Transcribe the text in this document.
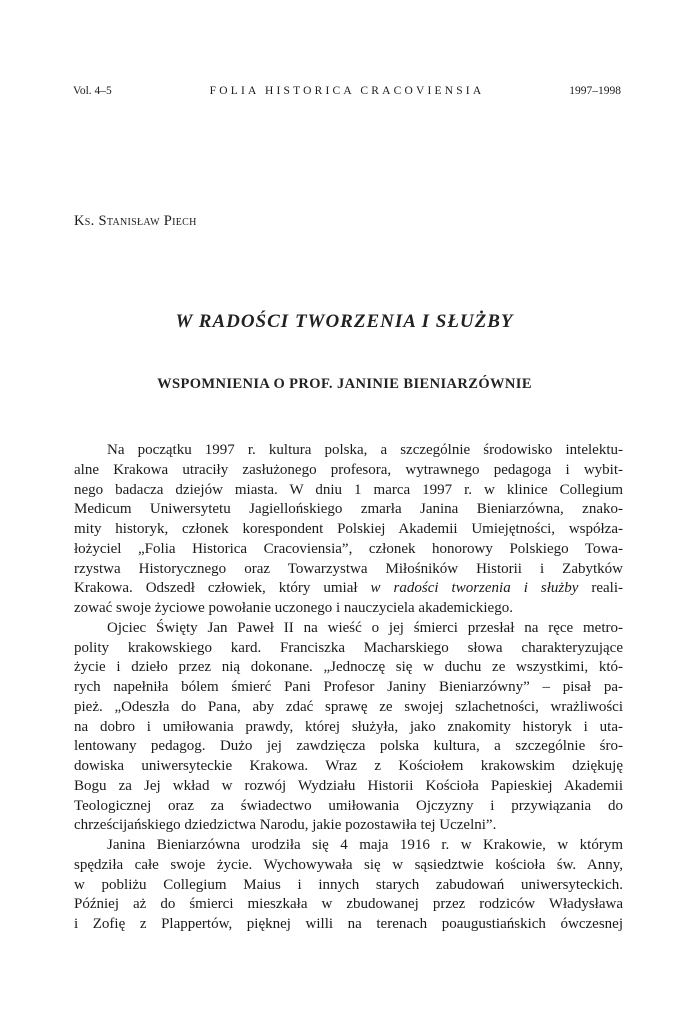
Vol. 4–5	FOLIA HISTORICA CRACOVIENSIA	1997–1998
Ks. Stanisław Piech
W RADOŚCI TWORZENIA I SŁUŻBY
WSPOMNIENIA O PROF. JANINIE BIENIARZÓWNIE
Na początku 1997 r. kultura polska, a szczególnie środowisko intelektu-
alne Krakowa utraciły zasłużonego profesora, wytrawnego pedagoga i wybit-
nego badacza dziejów miasta. W dniu 1 marca 1997 r. w klinice Collegium
Medicum Uniwersytetu Jagiellońskiego zmarła Janina Bieniarzówna, znako-
mity historyk, członek korespondent Polskiej Akademii Umiejętności, współza-
łożyciel „Folia Historica Cracoviensia”, członek honorowy Polskiego Towa-
rzystwa Historycznego oraz Towarzystwa Miłośników Historii i Zabytków
Krakowa. Odszedł człowiek, który umiał w radości tworzenia i służby reali-
zować swoje życiowe powołanie uczonego i nauczyciela akademickiego.
Ojciec Święty Jan Paweł II na wieść o jej śmierci przesłał na ręce metro-
polity krakowskiego kard. Franciszka Macharskiego słowa charakteryzujące
życie i dzieło przez nią dokonane. „Jednoczę się w duchu ze wszystkimi, któ-
rych napełniła bólem śmierć Pani Profesor Janiny Bieniarzówny” – pisał pa-
pież. „Odeszła do Pana, aby zdać sprawę ze swojej szlachetności, wrażliwości
na dobro i umiłowania prawdy, której służyła, jako znakomity historyk i uta-
lentowany pedagog. Dużo jej zawdzięcza polska kultura, a szczególnie śro-
dowiska uniwersyteckie Krakowa. Wraz z Kościołem krakowskim dziękuję
Bogu za Jej wkład w rozwój Wydziału Historii Kościoła Papieskiej Akademii
Teologicznej oraz za świadectwo umiłowania Ojczyzny i przywiązania do
chrześcijańskiego dziedzictwa Narodu, jakie pozostawiła tej Uczelni”.
Janina Bieniarzówna urodziła się 4 maja 1916 r. w Krakowie, w którym
spędziła całe swoje życie. Wychowywała się w sąsiedztwie kościoła św. Anny,
w pobliżu Collegium Maius i innych starych zabudowań uniwersyteckich.
Później aż do śmierci mieszkała w zbudowanej przez rodziców Władysława
i Zofię z Plappertów, pięknej willi na terenach poaugustiańskich ówczesnej
